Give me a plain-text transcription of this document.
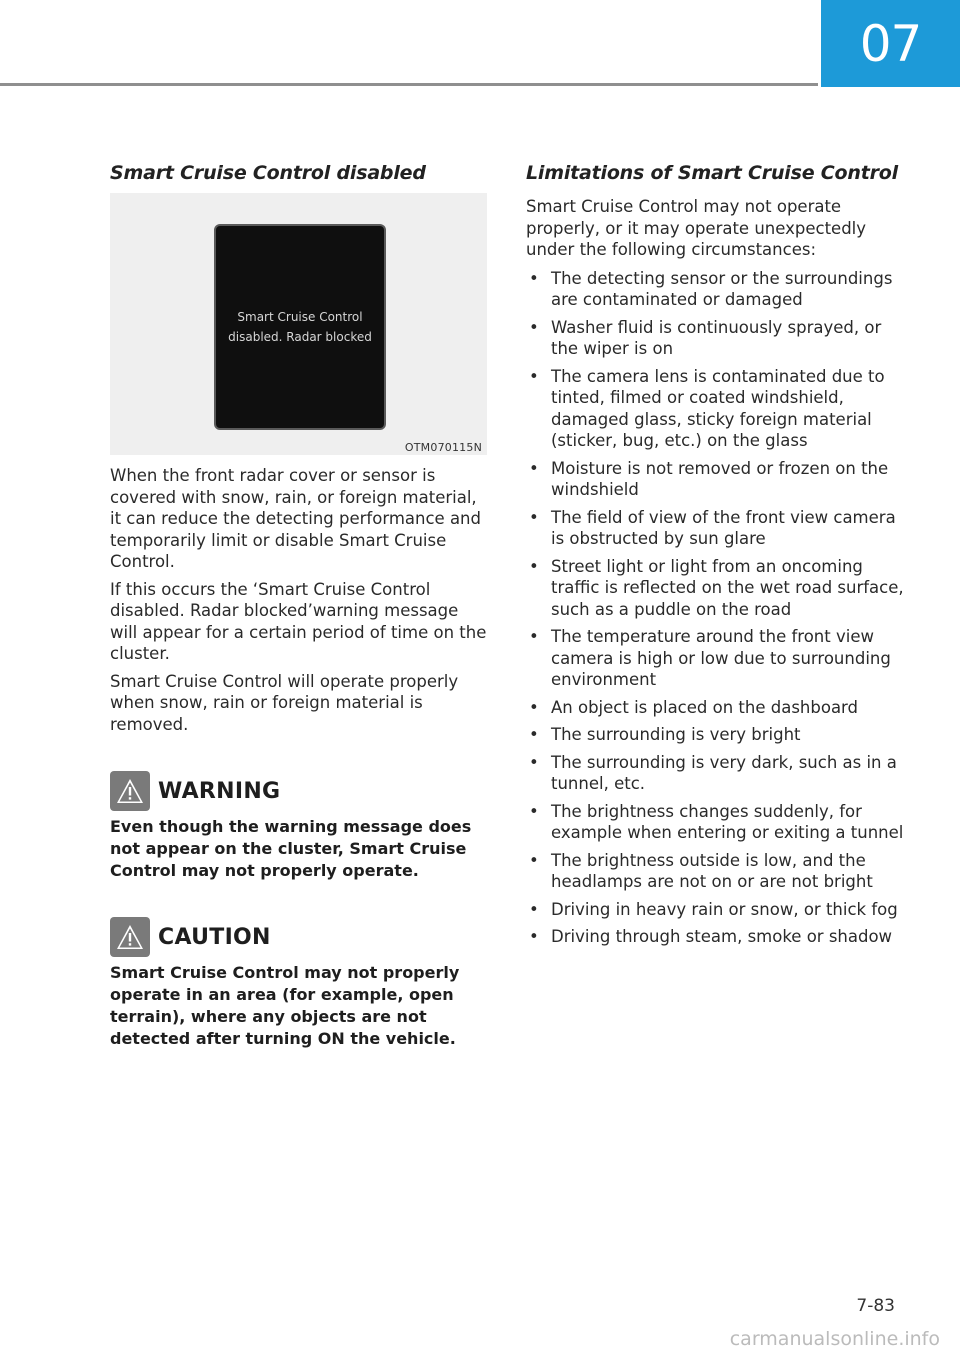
07
Smart Cruise Control disabled
Smart Cruise Control
disabled. Radar blocked
OTM070115N

When the front radar cover or sensor is covered with snow, rain, or foreign material, it can reduce the detecting performance and temporarily limit or disable Smart Cruise Control.

If this occurs the ‘Smart Cruise Control disabled. Radar blocked’warning message will appear for a certain period of time on the cluster.

Smart Cruise Control will operate properly when snow, rain or foreign material is removed.

WARNING

Even though the warning message does not appear on the cluster, Smart Cruise Control may not properly operate.

CAUTION

Smart Cruise Control may not properly operate in an area (for example, open terrain), where any objects are not detected after turning ON the vehicle.

Limitations of Smart Cruise Control

Smart Cruise Control may not operate properly, or it may operate unexpectedly under the following circumstances:

• The detecting sensor or the surroundings are contaminated or damaged
• Washer fluid is continuously sprayed, or the wiper is on
• The camera lens is contaminated due to tinted, filmed or coated windshield, damaged glass, sticky foreign material (sticker, bug, etc.) on the glass
• Moisture is not removed or frozen on the windshield
• The field of view of the front view camera is obstructed by sun glare
• Street light or light from an oncoming traffic is reflected on the wet road surface, such as a puddle on the road
• The temperature around the front view camera is high or low due to surrounding environment
• An object is placed on the dashboard
• The surrounding is very bright
• The surrounding is very dark, such as in a tunnel, etc.
• The brightness changes suddenly, for example when entering or exiting a tunnel
• The brightness outside is low, and the headlamps are not on or are not bright
• Driving in heavy rain or snow, or thick fog
• Driving through steam, smoke or shadow
7-83
carmanualsonline.info
